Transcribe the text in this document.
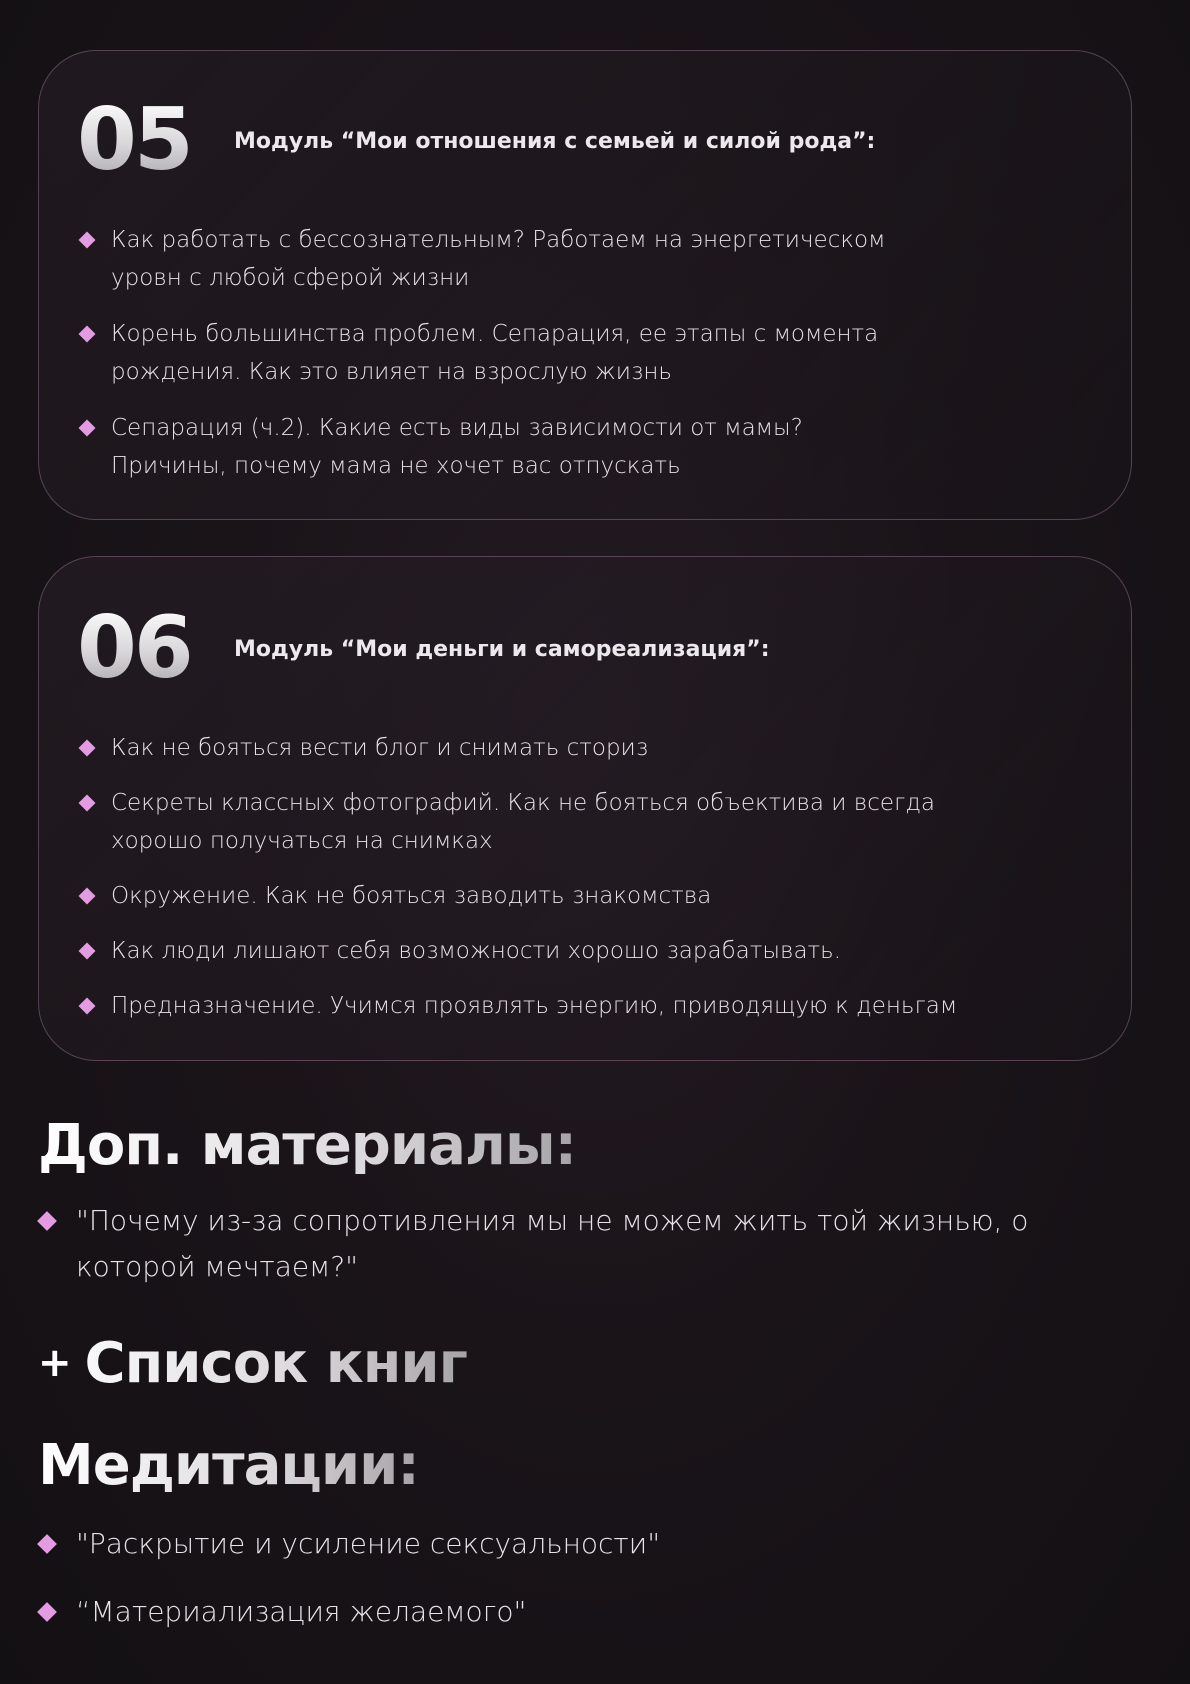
05 Модуль “Мои отношения с семьей и силой рода”:
Как работать с бессознательным? Работаем на энергетическом уровн с любой сферой жизни
Корень большинства проблем. Сепарация, ее этапы с момента рождения. Как это влияет на взрослую жизнь
Сепарация (ч.2). Какие есть виды зависимости от мамы? Причины, почему мама не хочет вас отпускать
06 Модуль “Мои деньги и самореализация”:
Как не бояться вести блог и снимать сториз
Секреты классных фотографий. Как не бояться объектива и всегда хорошо получаться на снимках
Окружение. Как не бояться заводить знакомства
Как люди лишают себя возможности хорошо зарабатывать.
Предназначение. Учимся проявлять энергию, приводящую к деньгам
Доп. материалы:
"Почему из-за сопротивления мы не можем жить той жизнью, о которой мечтаем?"
+ Список книг
Медитации:
"Раскрытие и усиление сексуальности"
“Материализация желаемого"
